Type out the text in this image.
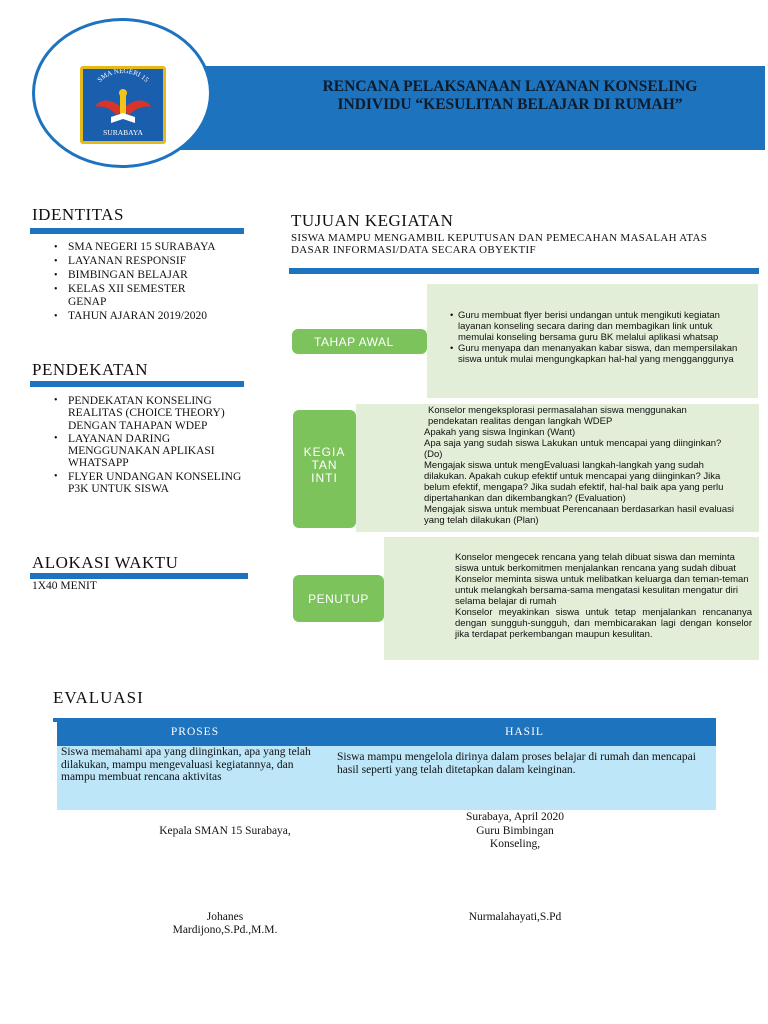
SMA NEGERI 15
SURABAYA
RENCANA PELAKSANAAN LAYANAN KONSELING INDIVIDU “KESULITAN BELAJAR DI RUMAH”
IDENTITAS
• SMA NEGERI 15 SURABAYA
• LAYANAN RESPONSIF
• BIMBINGAN BELAJAR
• KELAS XII SEMESTER GENAP
• TAHUN AJARAN 2019/2020
PENDEKATAN
• PENDEKATAN KONSELING REALITAS (CHOICE THEORY) DENGAN TAHAPAN WDEP
• LAYANAN DARING MENGGUNAKAN APLIKASI WHATSAPP
• FLYER UNDANGAN KONSELING P3K UNTUK SISWA
ALOKASI WAKTU
1X40 MENIT
TUJUAN KEGIATAN
SISWA MAMPU MENGAMBIL KEPUTUSAN DAN PEMECAHAN MASALAH ATAS DASAR INFORMASI/DATA SECARA OBYEKTIF
TAHAP AWAL

• Guru membuat flyer berisi undangan untuk mengikuti kegiatan layanan konseling secara daring dan membagikan link untuk memulai konseling bersama guru BK melalui aplikasi whatsap

• Guru menyapa dan menanyakan kabar siswa, dan mempersilakan siswa untuk mulai mengungkapkan hal-hal yang mengganggunya

KEGIA TAN INTI

Konselor mengeksplorasi permasalahan siswa menggunakan pendekatan realitas dengan langkah WDEP

Apakah yang siswa Inginkan (Want)

Apa saja yang sudah siswa Lakukan untuk mencapai yang diinginkan? (Do)

Mengajak siswa untuk mengEvaluasi langkah-langkah yang sudah dilakukan. Apakah cukup efektif untuk mencapai yang diinginkan? Jika belum efektif, mengapa? Jika sudah efektif, hal-hal baik apa yang perlu dipertahankan dan dikembangkan? (Evaluation)

Mengajak siswa untuk membuat Perencanaan berdasarkan hasil evaluasi yang telah dilakukan (Plan)

PENUTUP

Konselor mengecek rencana yang telah dibuat siswa dan meminta siswa untuk berkomitmen menjalankan rencana yang sudah dibuat

Konselor meminta siswa untuk melibatkan keluarga dan teman-teman untuk melangkah bersama-sama mengatasi kesulitan mengatur diri selama belajar di rumah

Konselor meyakinkan siswa untuk tetap menjalankan rencananya dengan sungguh-sungguh, dan membicarakan lagi dengan konselor jika terdapat perkembangan maupun kesulitan.

EVALUASI
PROSES	HASIL
Siswa memahami apa yang diinginkan, apa yang telah dilakukan, mampu mengevaluasi kegiatannya, dan mampu membuat rencana aktivitas
Siswa mampu mengelola dirinya dalam proses belajar di rumah dan mencapai hasil seperti yang telah ditetapkan dalam keinginan.
Kepala SMAN 15 Surabaya,
Johanes
Mardijono,S.Pd.,M.M.
Surabaya, April 2020
Guru Bimbingan
Konseling,
Nurmalahayati,S.Pd
